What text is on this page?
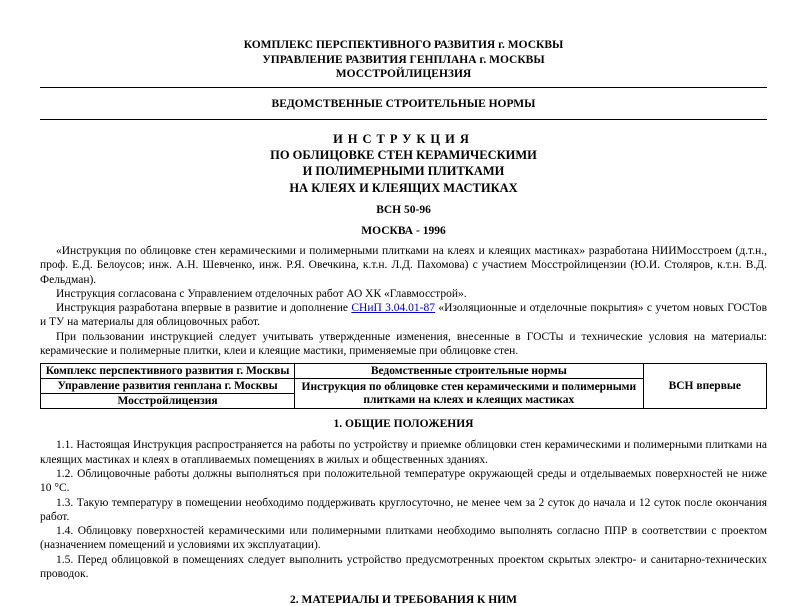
КОМПЛЕКС ПЕРСПЕКТИВНОГО РАЗВИТИЯ г. МОСКВЫ
УПРАВЛЕНИЕ РАЗВИТИЯ ГЕНПЛАНА г. МОСКВЫ
МОССТРОЙЛИЦЕНЗИЯ
ВЕДОМСТВЕННЫЕ СТРОИТЕЛЬНЫЕ НОРМЫ
ИНСТРУКЦИЯ
ПО ОБЛИЦОВКЕ СТЕН КЕРАМИЧЕСКИМИ
И ПОЛИМЕРНЫМИ ПЛИТКАМИ
НА КЛЕЯХ И КЛЕЯЩИХ МАСТИКАХ
ВСН 50-96
МОСКВА - 1996

«Инструкция по облицовке стен керамическими и полимерными плитками на клеях и клеящих мастиках» разработана НИИМосстроем (д.т.н., проф. Е.Д. Белоусов; инж. А.Н. Шевченко, инж. Р.Я. Овечкина, к.т.н. Л.Д. Пахомова) с участием Мосстройлицензии (Ю.И. Столяров, к.т.н. В.Д. Фельдман).

Инструкция согласована с Управлением отделочных работ АО ХК «Главмосстрой».

Инструкция разработана впервые в развитие и дополнение СНиП 3.04.01-87 «Изоляционные и отделочные покрытия» с учетом новых ГОСТов и ТУ на материалы для облицовочных работ.

При пользовании инструкцией следует учитывать утвержденные изменения, внесенные в ГОСТы и технические условия на материалы: керамические и полимерные плитки, клеи и клеящие мастики, применяемые при облицовке стен.

Комплекс перспективного развития г. Москвы	Ведомственные строительные нормы	ВСН впервые
Управление развития генплана г. Москвы	Инструкция по облицовке стен керамическими и полимерными плитками на клеях и клеящих мастиках	
Мосстройлицензия		
1. ОБЩИЕ ПОЛОЖЕНИЯ

1.1. Настоящая Инструкция распространяется на работы по устройству и приемке облицовки стен керамическими и полимерными плитками на клеящих мастиках и клеях в отапливаемых помещениях в жилых и общественных зданиях.

1.2. Облицовочные работы должны выполняться при положительной температуре окружающей среды и отделываемых поверхностей не ниже 10 °С.

1.3. Такую температуру в помещении необходимо поддерживать круглосуточно, не менее чем за 2 суток до начала и 12 суток после окончания работ.

1.4. Облицовку поверхностей керамическими или полимерными плитками необходимо выполнять согласно ППР в соответствии с проектом (назначением помещений и условиями их эксплуатации).

1.5. Перед облицовкой в помещениях следует выполнить устройство предусмотренных проектом скрытых электро- и санитарно-технических проводок.

2. МАТЕРИАЛЫ И ТРЕБОВАНИЯ К НИМ
